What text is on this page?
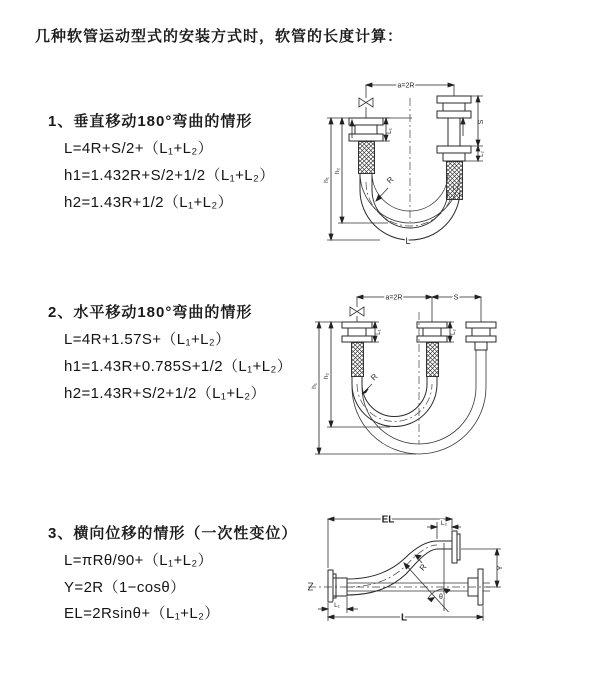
几种软管运动型式的安装方式时，软管的长度计算：
1、垂直移动180°弯曲的情形
L=4R+S/2+（L₁+L₂）
h1=1.432R+S/2+1/2（L₁+L₂）
h2=1.43R+1/2（L₁+L₂）
2、水平移动180°弯曲的情形
L=4R+1.57S+（L₁+L₂）
h1=1.43R+0.785S+1/2（L₁+L₂）
h2=1.43R+S/2+1/2（L₁+L₂）
3、横向位移的情形（一次性变位）
L=πRθ/90+（L₁+L₂）
Y=2R（1−cosθ）
EL=2Rsinθ+（L₁+L₂）
a=2R
L₁
S
L₂
h₁
h₂
R
L
a=2R	S
L₁	L₂
h₁
h₂	R
θ
R
EL	L₂
Y
L₁
L
